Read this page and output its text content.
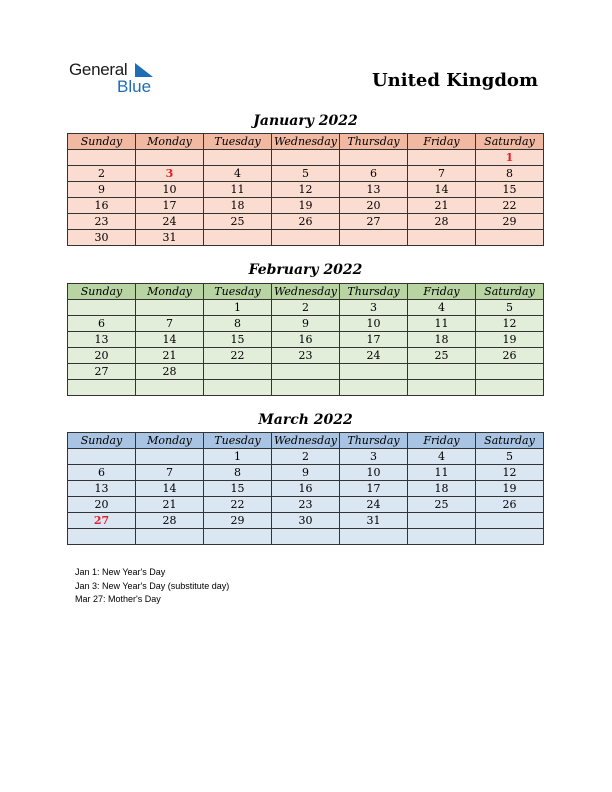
General
Blue	United Kingdom
January 2022
Sunday	Monday	Tuesday	Wednesday	Thursday	Friday	Saturday
						1
2	3	4	5	6	7	8
9	10	11	12	13	14	15
16	17	18	19	20	21	22
23	24	25	26	27	28	29
30	31					
February 2022
Sunday	Monday	Tuesday	Wednesday	Thursday	Friday	Saturday
		1	2	3	4	5
6	7	8	9	10	11	12
13	14	15	16	17	18	19
20	21	22	23	24	25	26
27	28					

March 2022
Sunday	Monday	Tuesday	Wednesday	Thursday	Friday	Saturday
		1	2	3	4	5
6	7	8	9	10	11	12
13	14	15	16	17	18	19
20	21	22	23	24	25	26
27	28	29	30	31		

Jan 1: New Year's Day
Jan 3: New Year's Day (substitute day)
Mar 27: Mother's Day
